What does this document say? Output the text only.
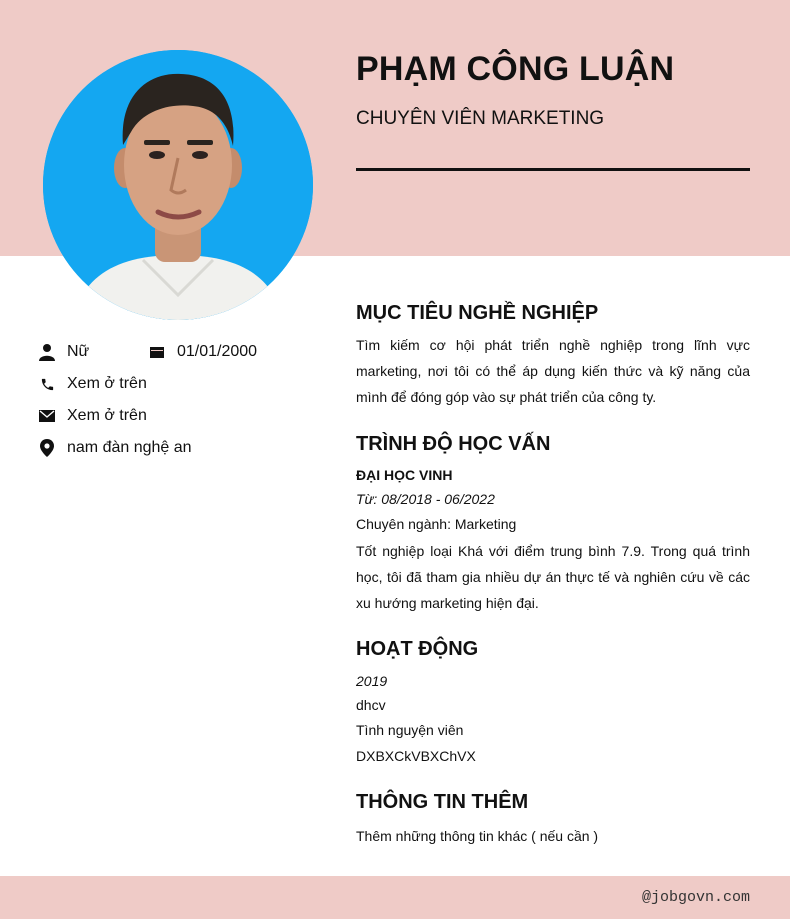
PHẠM CÔNG LUẬN
CHUYÊN VIÊN MARKETING
Nữ	01/01/2000
Xem ở trên
Xem ở trên
nam đàn nghệ an
MỤC TIÊU NGHỀ NGHIỆP

Tìm kiếm cơ hội phát triển nghề nghiệp trong lĩnh vực marketing, nơi tôi có thể áp dụng kiến thức và kỹ năng của mình để đóng góp vào sự phát triển của công ty.

TRÌNH ĐỘ HỌC VẤN

ĐẠI HỌC VINH

Từ: 08/2018 - 06/2022

Chuyên ngành: Marketing

Tốt nghiệp loại Khá với điểm trung bình 7.9. Trong quá trình học, tôi đã tham gia nhiều dự án thực tế và nghiên cứu về các xu hướng marketing hiện đại.

HOẠT ĐỘNG

2019

dhcv

Tình nguyện viên

DXBXCkVBXChVX

THÔNG TIN THÊM

Thêm những thông tin khác ( nếu cần )

@jobgovn.com
